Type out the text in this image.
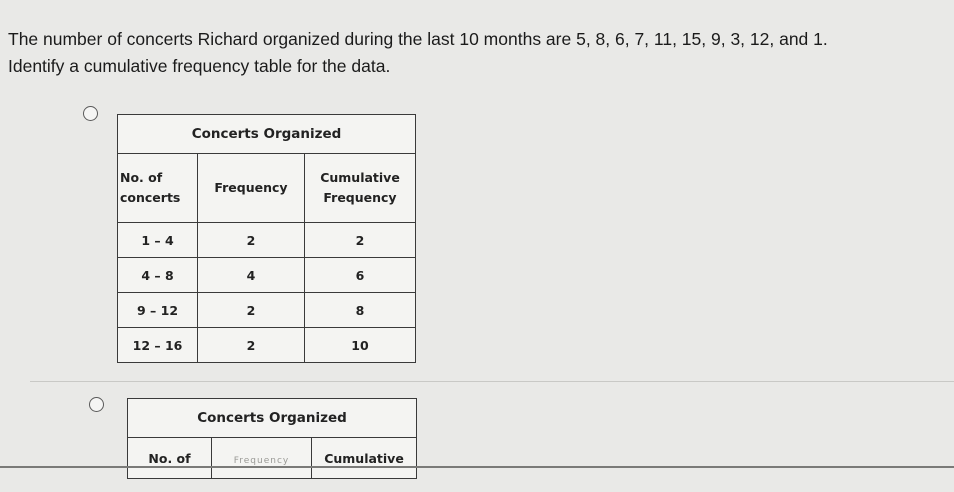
The number of concerts Richard organized during the last 10 months are 5, 8, 6, 7, 11, 15, 9, 3, 12, and 1.

Identify a cumulative frequency table for the data.

Concerts Organized		
No. of concerts	Frequency	Cumulative Frequency
1 – 4	2	2
4 – 8	4	6
9 – 12	2	8
12 – 16	2	10
Concerts Organized
No. of	Frequency	Cumulative
